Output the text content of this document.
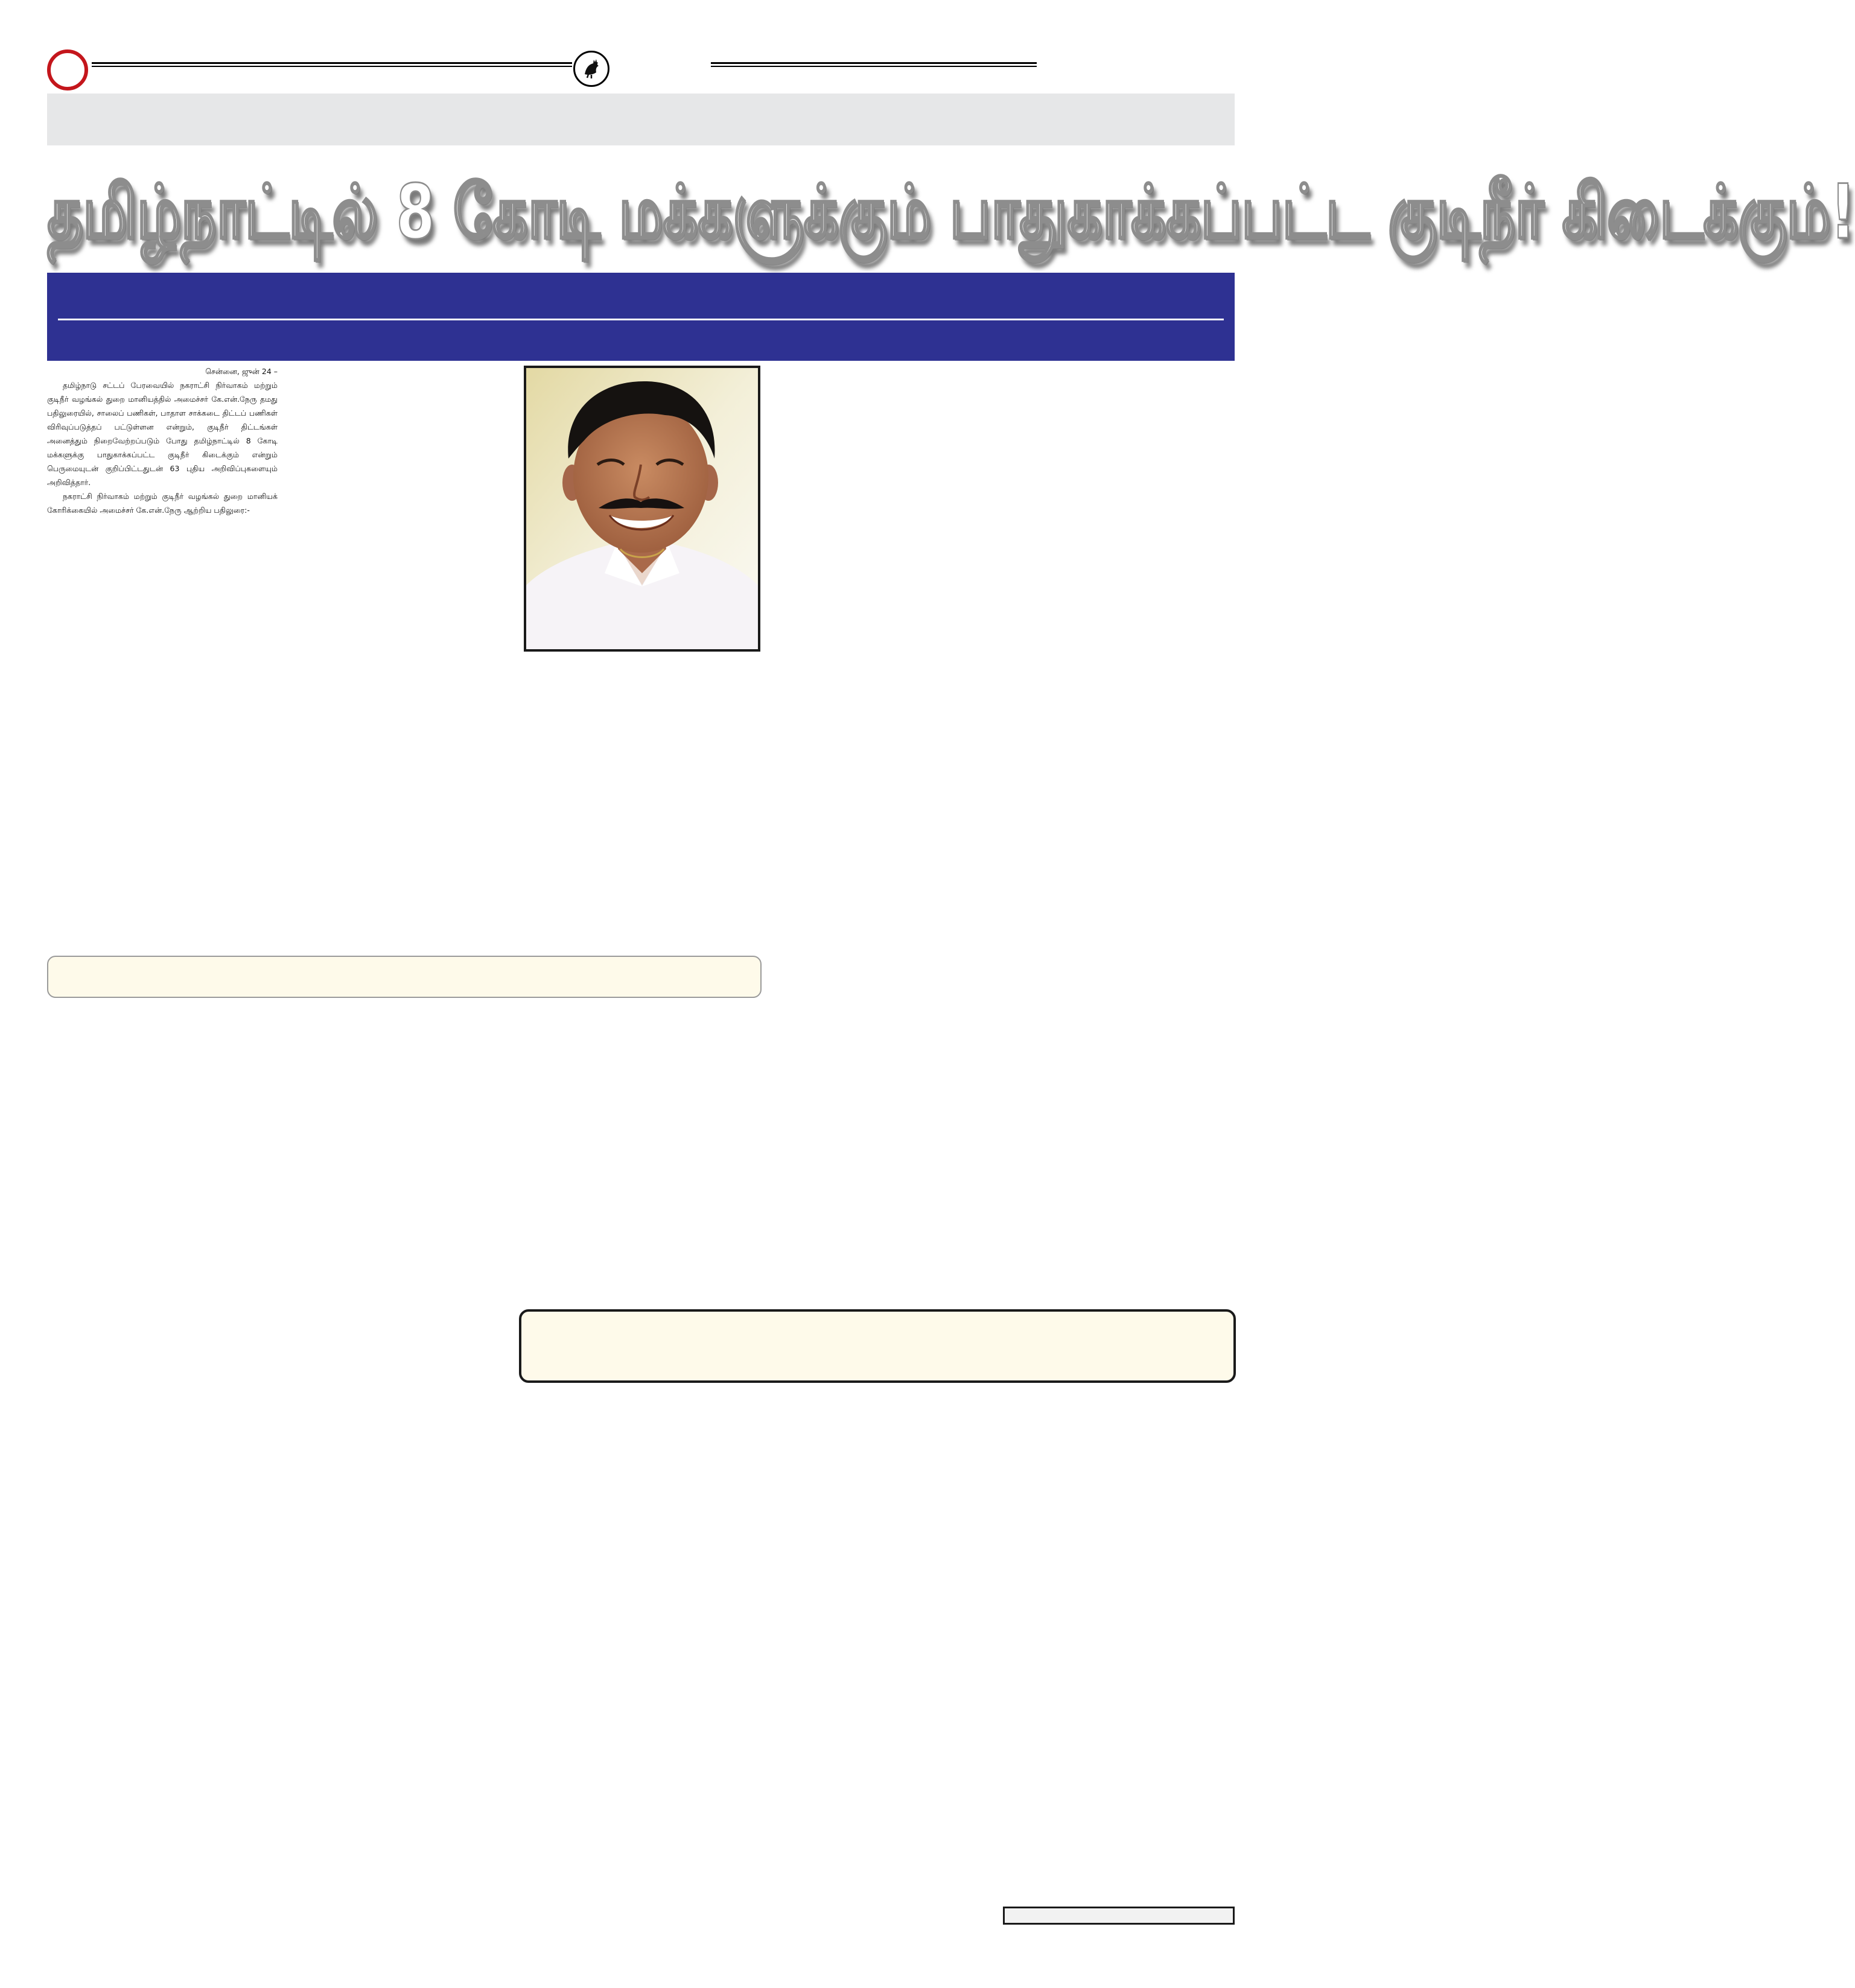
தமிழ்நாட்டில் 8 கோடி மக்களுக்கும் பாதுகாக்கப்பட்ட குடிநீர் கிடைக்கும்!
சென்னை, ஜுன் 24 –

தமிழ்நாடு சட்டப் பேரவையில் நகராட்சி நிர்வாகம் மற்றும் குடிநீர் வழங்கல் துறை மானியத்தில் அமைச்சர் கே.என்.நேரு தமது பதிலுரையில், சாலைப் பணிகள், பாதாள சாக்கடை திட்டப் பணிகள் விரிவுப்படுத்தப் பட்டுள்ளன என்றும், குடிநீர் திட்டங்கள் அனைத்தும் நிறைவேற்றப்படும் போது தமிழ்நாட்டில் 8 கோடி மக்களுக்கு பாதுகாக்கப்பட்ட குடிநீர் கிடைக்கும் என்றும் பெருமையுடன் குறிப்பிட்டதுடன் 63 புதிய அறிவிப்புகளையும் அறிவித்தார்.

நகராட்சி நிர்வாகம் மற்றும் குடிநீர் வழங்கல் துறை மானியக் கோரிக்கையில் அமைச்சர் கே.என்.நேரு ஆற்றிய பதிலுரை:-
